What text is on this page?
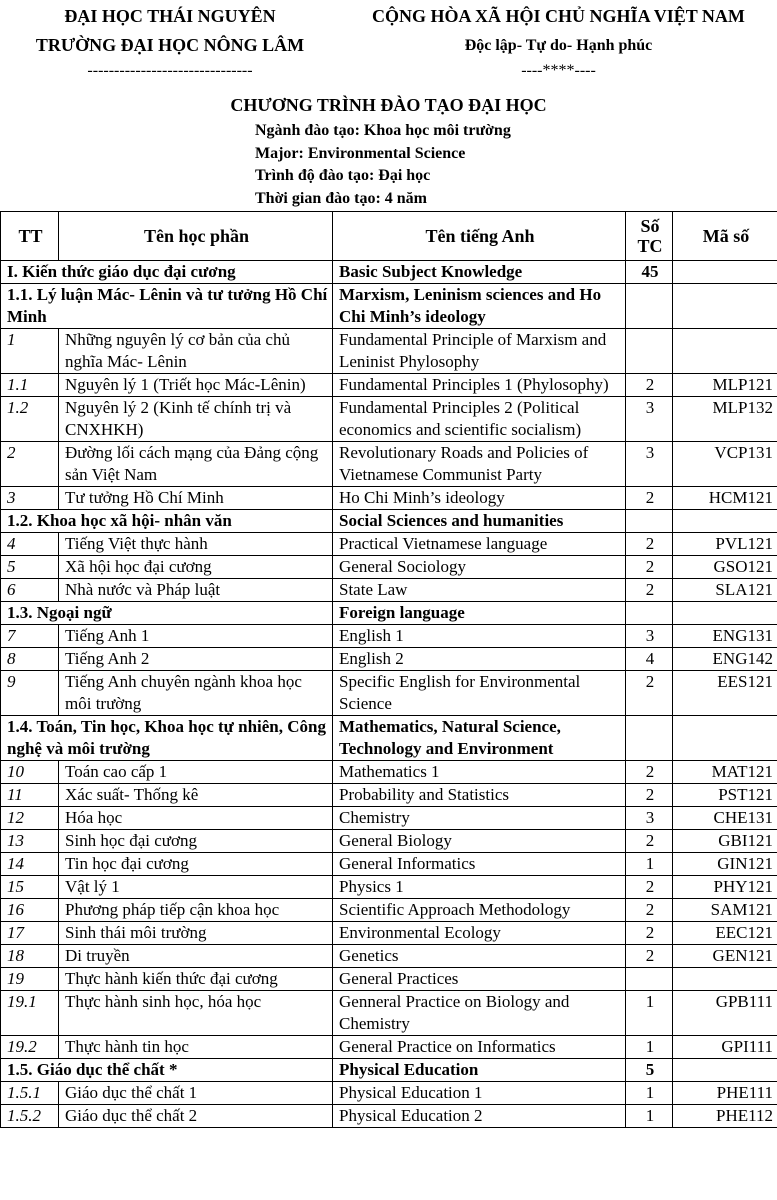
ĐẠI HỌC THÁI NGUYÊN
TRƯỜNG ĐẠI HỌC NÔNG LÂM
-------------------------------
CỘNG HÒA XÃ HỘI CHỦ NGHĨA VIỆT NAM
Độc lập- Tự do- Hạnh phúc
----****----
CHƯƠNG TRÌNH ĐÀO TẠO ĐẠI HỌC
Ngành đào tạo: Khoa học môi trường
Major: Environmental Science
Trình độ đào tạo: Đại học
Thời gian đào tạo: 4 năm
TT	Tên học phần	Tên tiếng Anh	Số TC	Mã số
I. Kiến thức giáo dục đại cương		Basic Subject Knowledge	45	
1.1. Lý luận Mác- Lênin và tư tưởng Hồ Chí Minh		Marxism, Leninism sciences and Ho Chi Minh’s ideology		
1	Những nguyên lý cơ bản của chủ nghĩa Mác- Lênin	Fundamental Principle of Marxism and Leninist Phylosophy		
1.1	Nguyên lý 1 (Triết học Mác-Lênin)	Fundamental Principles 1 (Phylosophy)	2	MLP121
1.2	Nguyên lý 2 (Kinh tế chính trị và CNXHKH)	Fundamental Principles 2 (Political economics and scientific socialism)	3	MLP132
2	Đường lối cách mạng của Đảng cộng sản Việt Nam	Revolutionary Roads and Policies of Vietnamese Communist Party	3	VCP131
3	Tư tưởng Hồ Chí Minh	Ho Chi Minh’s ideology	2	HCM121
1.2. Khoa học xã hội- nhân văn		Social Sciences and humanities		
4	Tiếng Việt thực hành	Practical Vietnamese language	2	PVL121
5	Xã hội học đại cương	General Sociology	2	GSO121
6	Nhà nước và Pháp luật	State Law	2	SLA121
1.3. Ngoại ngữ		Foreign language		
7	Tiếng Anh 1	English 1	3	ENG131
8	Tiếng Anh 2	English 2	4	ENG142
9	Tiếng Anh chuyên ngành khoa học môi trường	Specific English for Environmental Science	2	EES121
1.4. Toán, Tin học, Khoa học tự nhiên, Công nghệ và môi trường		Mathematics, Natural Science, Technology and Environment		
10	Toán cao cấp 1	Mathematics 1	2	MAT121
11	Xác suất- Thống kê	Probability and Statistics	2	PST121
12	Hóa học	Chemistry	3	CHE131
13	Sinh học đại cương	General Biology	2	GBI121
14	Tin học đại cương	General Informatics	1	GIN121
15	Vật lý 1	Physics 1	2	PHY121
16	Phương pháp tiếp cận khoa học	Scientific Approach Methodology	2	SAM121
17	Sinh thái môi trường	Environmental Ecology	2	EEC121
18	Di truyền	Genetics	2	GEN121
19	Thực hành kiến thức đại cương	General Practices		
19.1	Thực hành sinh học, hóa học	Genneral Practice on Biology and Chemistry	1	GPB111
19.2	Thực hành tin học	General Practice on Informatics	1	GPI111
1.5. Giáo dục thể chất *		Physical Education	5	
1.5.1	Giáo dục thể chất 1	Physical Education 1	1	PHE111
1.5.2	Giáo dục thể chất 2	Physical Education 2	1	PHE112
